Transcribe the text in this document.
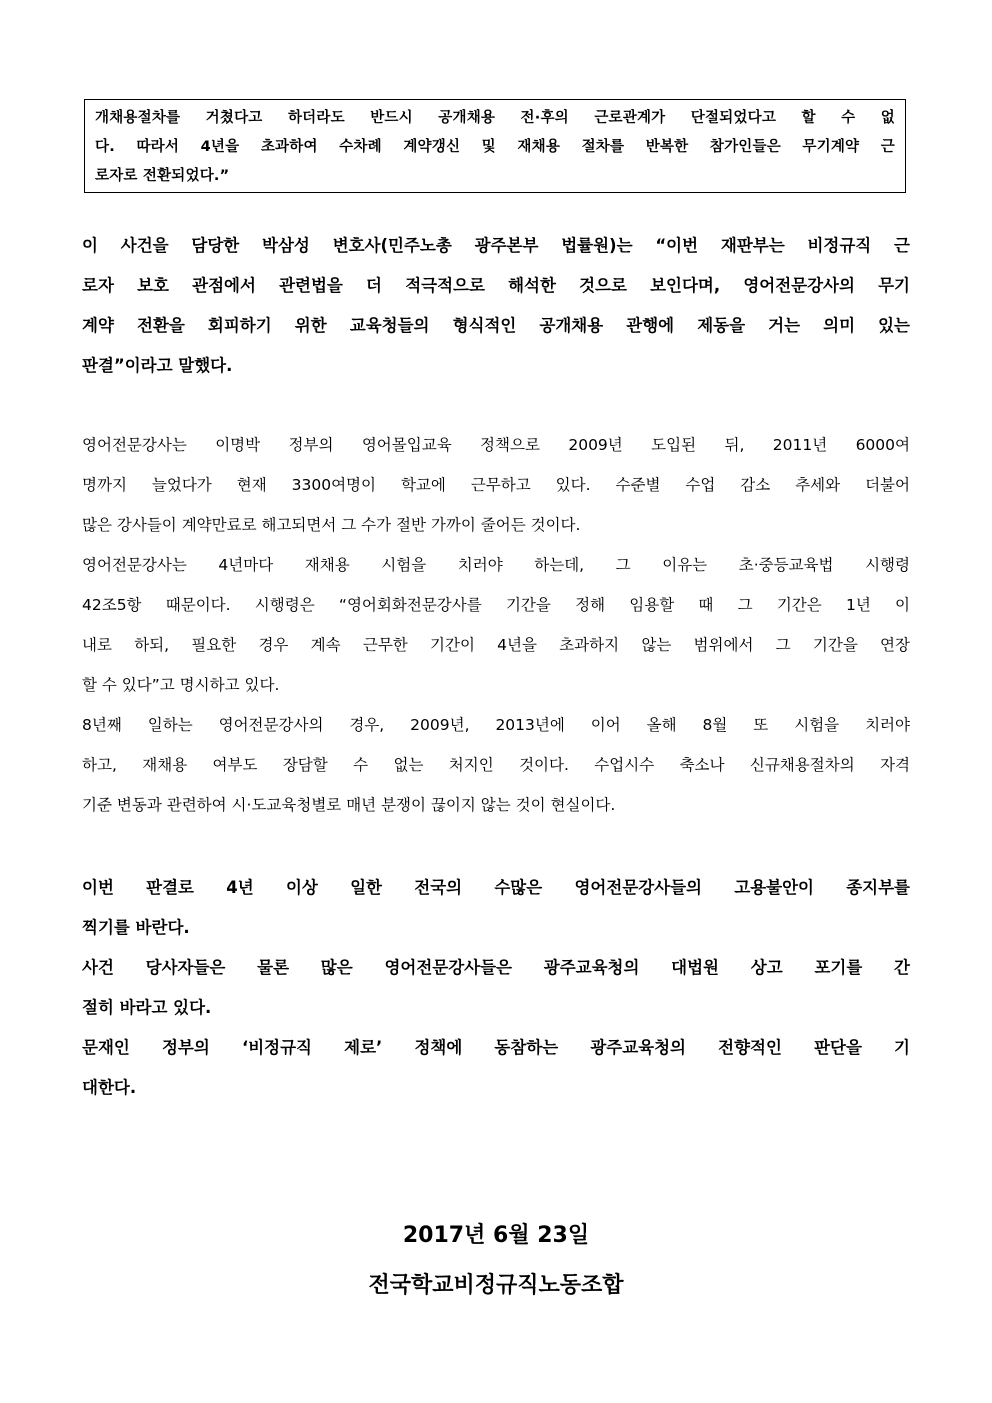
개채용절차를 거쳤다고 하더라도 반드시 공개채용 전·후의 근로관계가 단절되었다고 할 수 없
다. 따라서 4년을 초과하여 수차례 계약갱신 및 재채용 절차를 반복한 참가인들은 무기계약 근
로자로 전환되었다.”
이 사건을 담당한 박삼성 변호사(민주노총 광주본부 법률원)는 “이번 재판부는 비정규직 근
로자 보호 관점에서 관련법을 더 적극적으로 해석한 것으로 보인다며, 영어전문강사의 무기
계약 전환을 회피하기 위한 교육청들의 형식적인 공개채용 관행에 제동을 거는 의미 있는
판결”이라고 말했다.
영어전문강사는 이명박 정부의 영어몰입교육 정책으로 2009년 도입된 뒤, 2011년 6000여
명까지 늘었다가 현재 3300여명이 학교에 근무하고 있다. 수준별 수업 감소 추세와 더불어
많은 강사들이 계약만료로 해고되면서 그 수가 절반 가까이 줄어든 것이다.
영어전문강사는 4년마다 재채용 시험을 치러야 하는데, 그 이유는 초·중등교육법 시행령
42조5항 때문이다. 시행령은 “영어회화전문강사를 기간을 정해 임용할 때 그 기간은 1년 이
내로 하되, 필요한 경우 계속 근무한 기간이 4년을 초과하지 않는 범위에서 그 기간을 연장
할 수 있다”고 명시하고 있다.
8년째 일하는 영어전문강사의 경우, 2009년, 2013년에 이어 올해 8월 또 시험을 치러야
하고, 재채용 여부도 장담할 수 없는 처지인 것이다. 수업시수 축소나 신규채용절차의 자격
기준 변동과 관련하여 시·도교육청별로 매년 분쟁이 끊이지 않는 것이 현실이다.
이번 판결로 4년 이상 일한 전국의 수많은 영어전문강사들의 고용불안이 종지부를
찍기를 바란다.
사건 당사자들은 물론 많은 영어전문강사들은 광주교육청의 대법원 상고 포기를 간
절히 바라고 있다.
문재인 정부의 ‘비정규직 제로’ 정책에 동참하는 광주교육청의 전향적인 판단을 기
대한다.
2017년 6월 23일
전국학교비정규직노동조합
